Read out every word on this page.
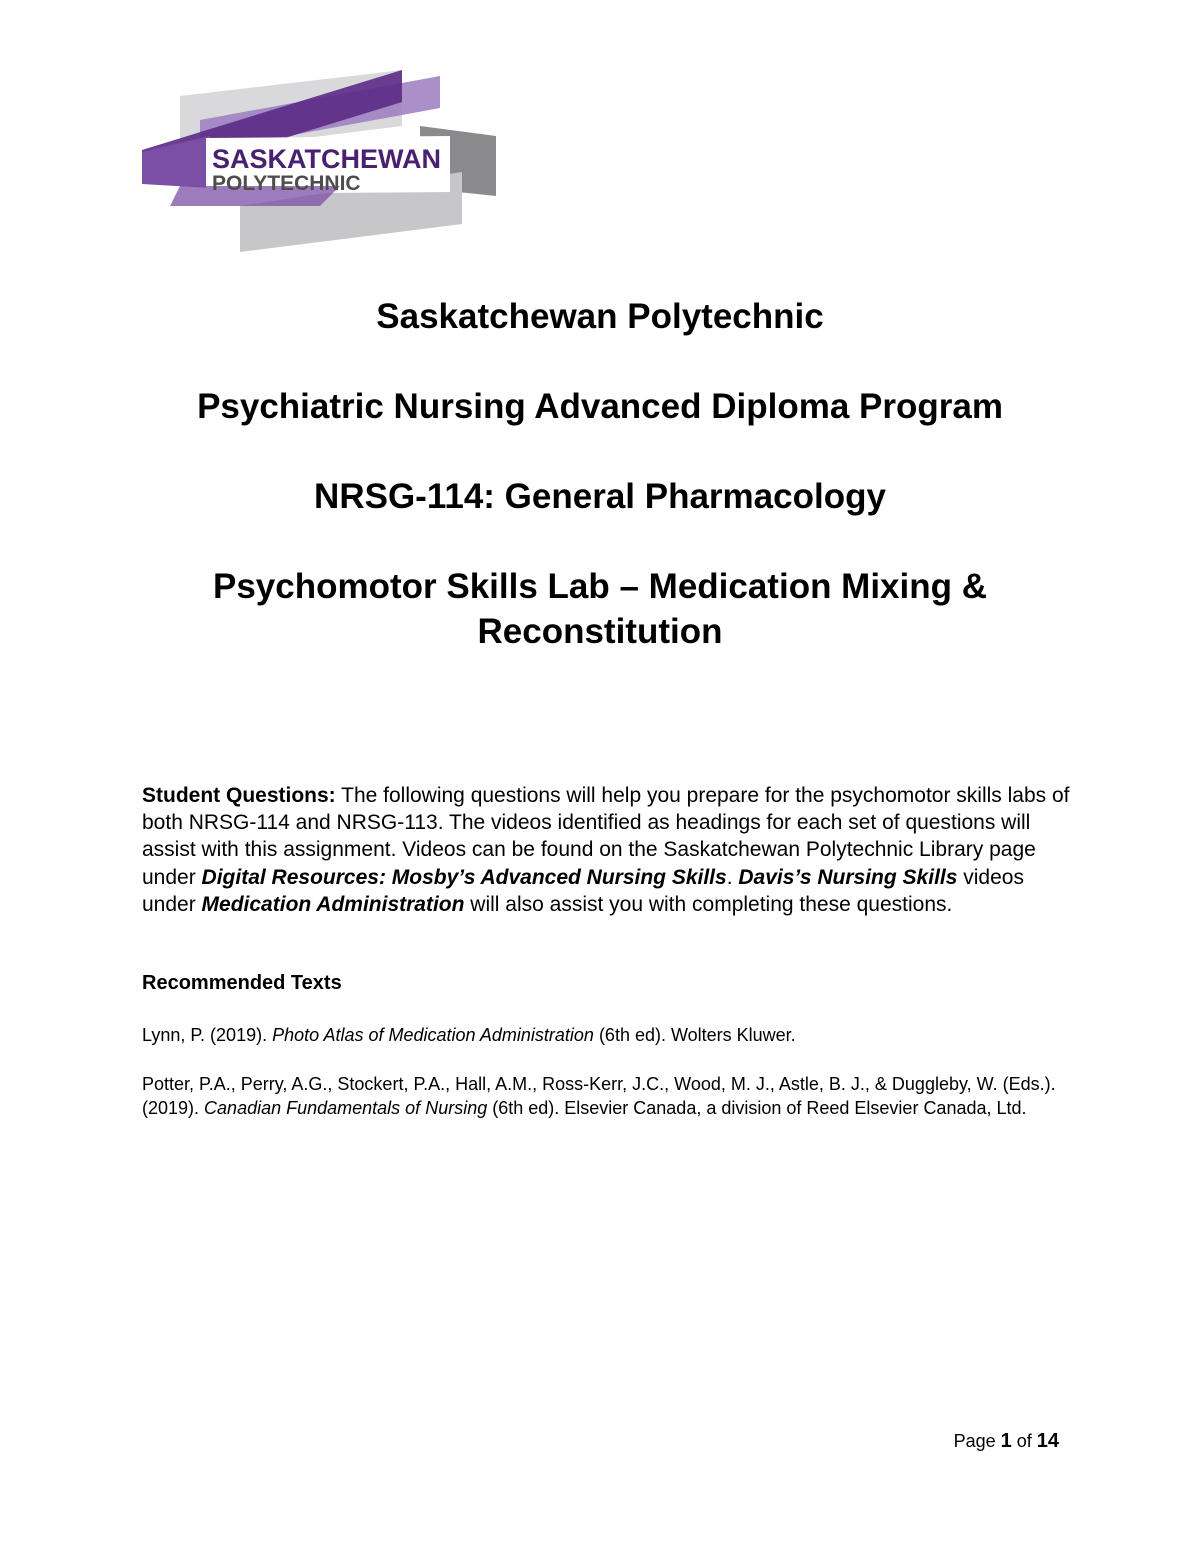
SASKATCHEWAN
POLYTECHNIC
Saskatchewan Polytechnic
Psychiatric Nursing Advanced Diploma Program
NRSG-114: General Pharmacology
Psychomotor Skills Lab – Medication Mixing &
Reconstitution
Student Questions: The following questions will help you prepare for the psychomotor skills labs of both NRSG-114 and NRSG-113. The videos identified as headings for each set of questions will assist with this assignment. Videos can be found on the Saskatchewan Polytechnic Library page under Digital Resources: Mosby’s Advanced Nursing Skills. Davis’s Nursing Skills videos under Medication Administration will also assist you with completing these questions.
Recommended Texts
Lynn, P. (2019). Photo Atlas of Medication Administration (6th ed). Wolters Kluwer.
Potter, P.A., Perry, A.G., Stockert, P.A., Hall, A.M., Ross-Kerr, J.C., Wood, M. J., Astle, B. J., & Duggleby, W. (Eds.). (2019). Canadian Fundamentals of Nursing (6th ed). Elsevier Canada, a division of Reed Elsevier Canada, Ltd.
Page 1 of 14
